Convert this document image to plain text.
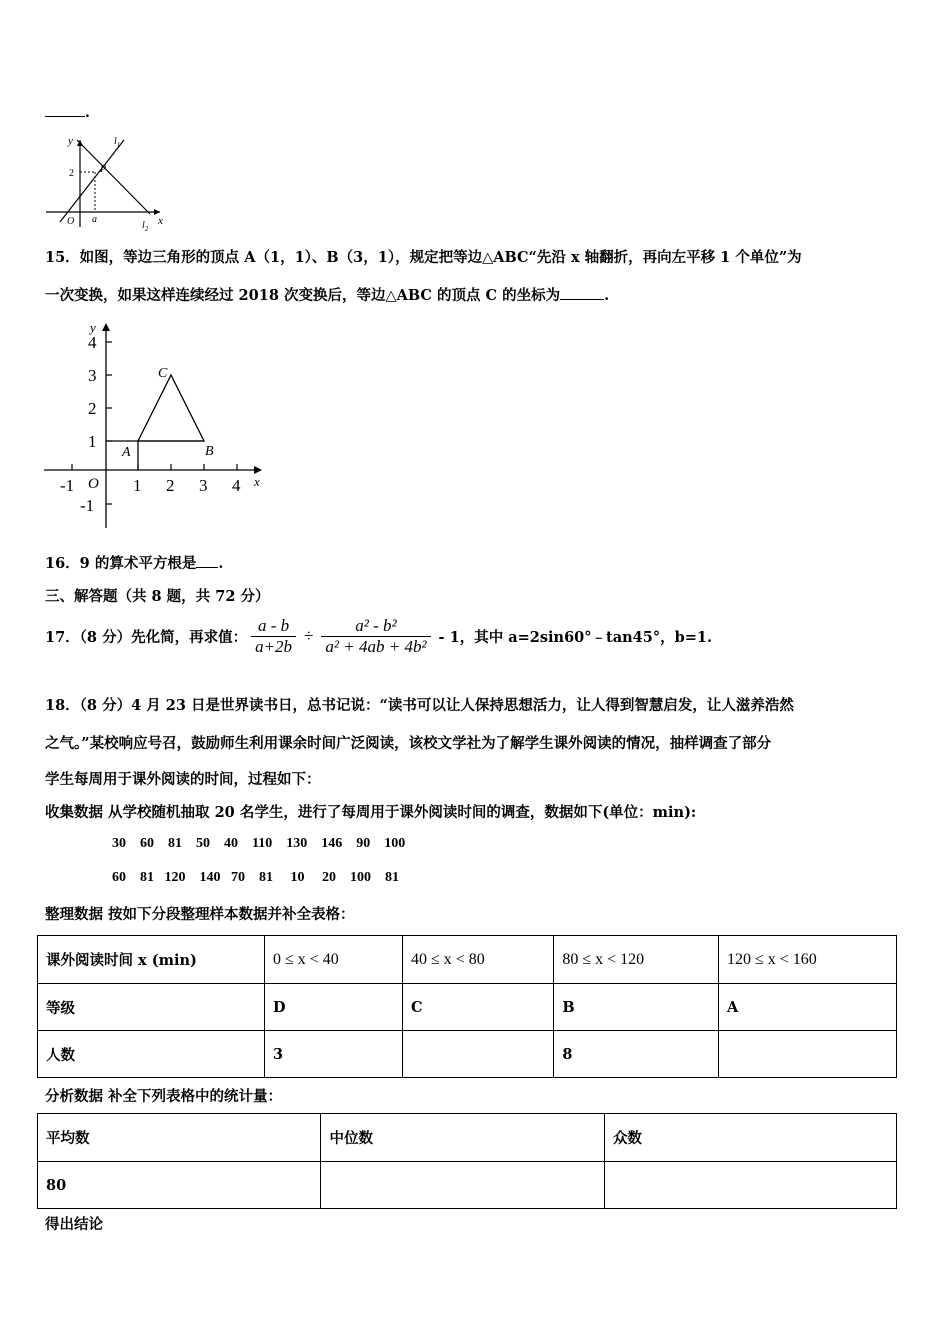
.
y
x
$l_1$
$l_2$
P
2
O a
15．如图，等边三角形的顶点 A（1，1）、B（3，1），规定把等边△ABC“先沿 x 轴翻折，再向左平移 1 个单位”为
一次变换，如果这样连续经过 2018 次变换后，等边△ABC 的顶点 C 的坐标为	.
y
x
O
4
3
2
1
-1
-1	1 2 3 4
A	B
C
16．9 的算术平方根是 .
三、解答题（共 8 题，共 72 分）
17．（8 分）先化简，再求值：
a - b
a+2b
÷
a² - b²
a² + 4ab + 4b² - 1，其中 a=2sin60°﹣tan45°，b=1.
18．（8 分）4 月 23 日是世界读书日，总书记说：“读书可以让人保持思想活力，让人得到智慧启发，让人滋养浩然
之气。”某校响应号召，鼓励师生利用课余时间广泛阅读，该校文学社为了解学生课外阅读的情况，抽样调查了部分
学生每周用于课外阅读的时间，过程如下：
收集数据 从学校随机抽取 20 名学生，进行了每周用于课外阅读时间的调查，数据如下(单位：min):
30    60    81    50    40    110    130    146    90    100
60    81   120    140   70    81     10     20    100    81
整理数据 按如下分段整理样本数据并补全表格：
课外阅读时间 x (min)	0 ≤ x < 40	40 ≤ x < 80	80 ≤ x < 120	120 ≤ x < 160
等级	D	C	B	A
人数	3		8	
分析数据 补全下列表格中的统计量：
平均数	中位数	众数
80		
得出结论
